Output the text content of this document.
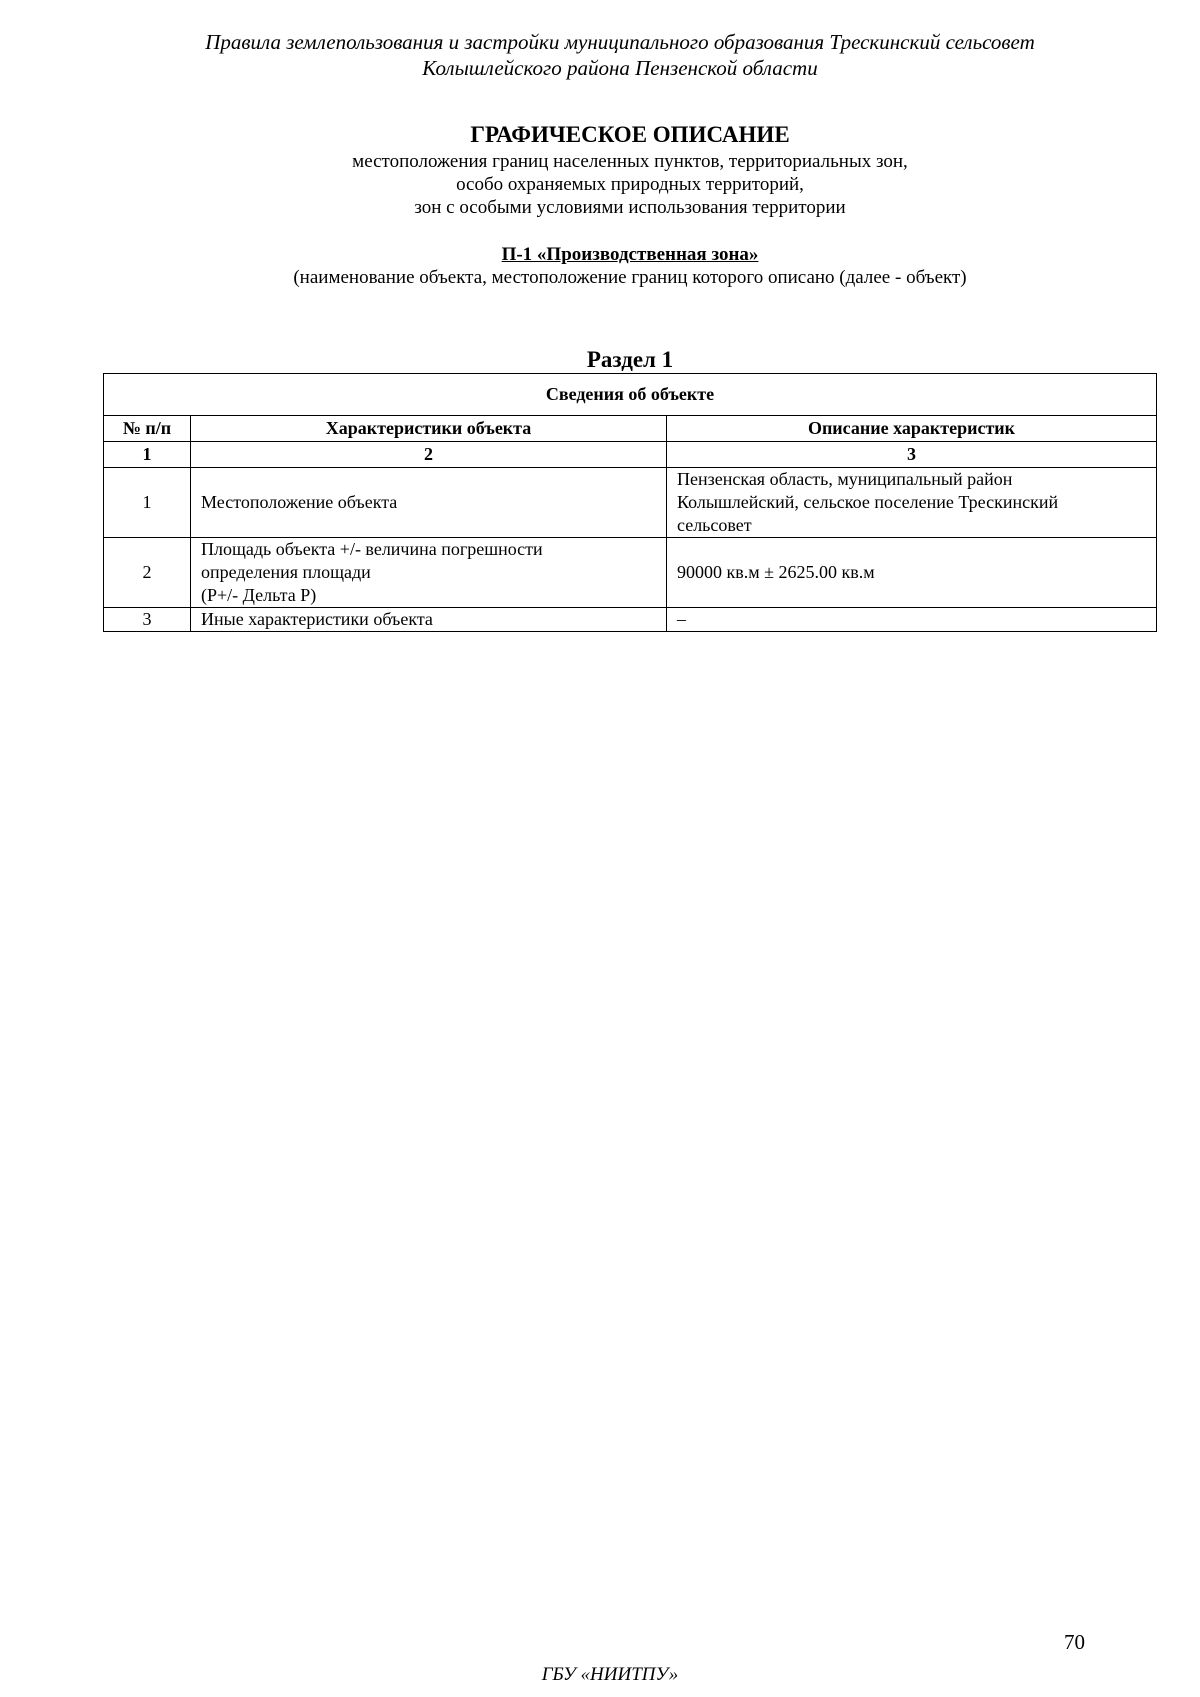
Правила землепользования и застройки муниципального образования Трескинский сельсовет
Колышлейского района Пензенской области
ГРАФИЧЕСКОЕ ОПИСАНИЕ
местоположения границ населенных пунктов, территориальных зон,
особо охраняемых природных территорий,
зон с особыми условиями использования территории
П-1 «Производственная зона»
(наименование объекта, местоположение границ которого описано (далее - объект)
Раздел 1
Сведения об объекте		
№ п/п	Характеристики объекта	Описание характеристик
1	2	3
1	Местоположение объекта	Пензенская область, муниципальный район
Колышлейский, сельское поселение Трескинский
сельсовет

2	Площадь объекта +/- величина погрешности
определения площади
(Р+/- Дельта Р)	90000 кв.м ± 2625.00 кв.м

3	Иные характеристики объекта	–
70
ГБУ «НИИТПУ»
